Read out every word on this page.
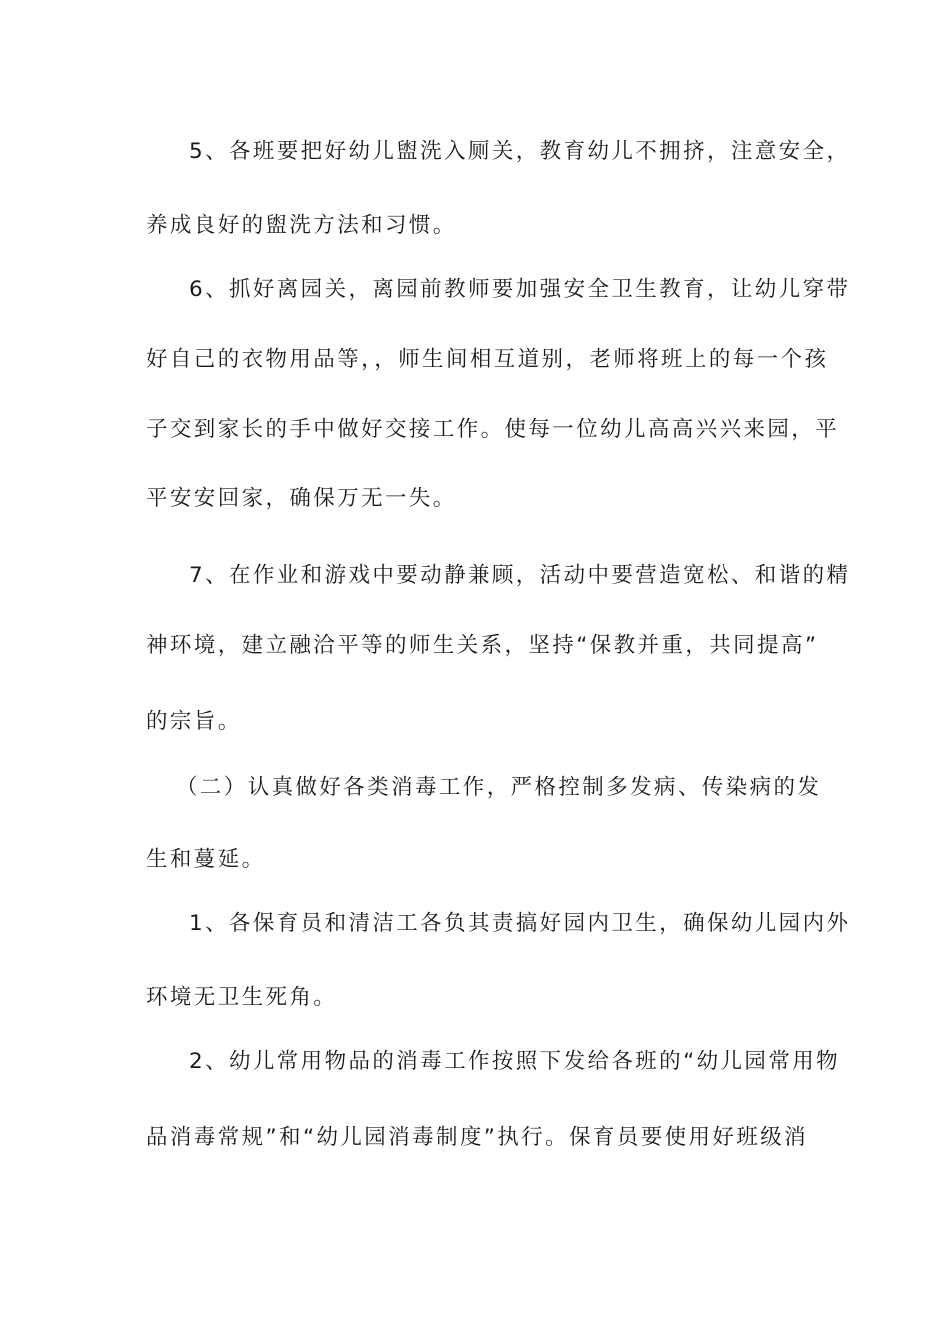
5、各班要把好幼儿盥洗入厕关，教育幼儿不拥挤，注意安全，
养成良好的盥洗方法和习惯。
6、抓好离园关，离园前教师要加强安全卫生教育，让幼儿穿带
好自己的衣物用品等，，师生间相互道别，老师将班上的每一个孩
子交到家长的手中做好交接工作。使每一位幼儿高高兴兴来园，平
平安安回家，确保万无一失。
7、在作业和游戏中要动静兼顾，活动中要营造宽松、和谐的精
神环境，建立融洽平等的师生关系，坚持“保教并重，共同提高”
的宗旨。
（二）认真做好各类消毒工作，严格控制多发病、传染病的发
生和蔓延。
1、各保育员和清洁工各负其责搞好园内卫生，确保幼儿园内外
环境无卫生死角。
2、幼儿常用物品的消毒工作按照下发给各班的“幼儿园常用物
品消毒常规”和“幼儿园消毒制度”执行。保育员要使用好班级消
